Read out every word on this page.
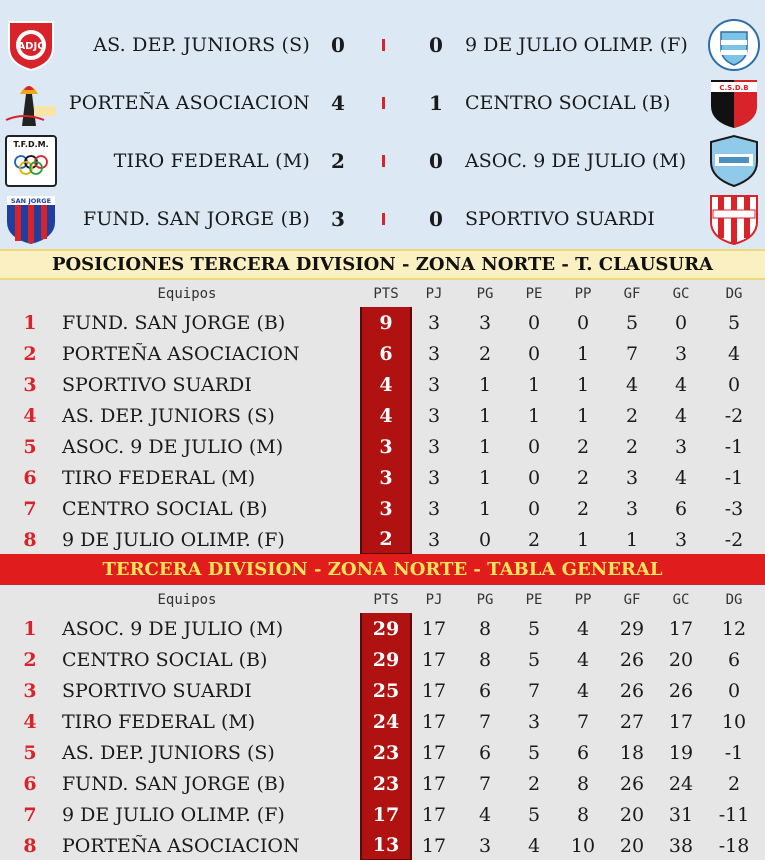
ADJC	AS. DEP. JUNIORS (S)	0	0	9 DE JULIO OLIMP. (F)
PORTEÑA ASOCIACION	4	1	CENTRO SOCIAL (B)
C.S.D.B
T.F.D.M.
TIRO FEDERAL (M)	2	0	ASOC. 9 DE JULIO (M)
SAN JORGE
FUND. SAN JORGE (B)	3	0	SPORTIVO SUARDI
POSICIONES TERCERA DIVISION - ZONA NORTE - T. CLAUSURA
Equipos	PTS	PJ	PG	PE	PP	GF	GC	DG
1	FUND. SAN JORGE (B)	9	3	3	0	0	5	0	5
2	PORTEÑA ASOCIACION	6	3	2	0	1	7	3	4
3	SPORTIVO SUARDI	4	3	1	1	1	4	4	0
4	AS. DEP. JUNIORS (S)	4	3	1	1	1	2	4	-2
5	ASOC. 9 DE JULIO (M)	3	3	1	0	2	2	3	-1
6	TIRO FEDERAL (M)	3	3	1	0	2	3	4	-1
7	CENTRO SOCIAL (B)	3	3	1	0	2	3	6	-3
8	9 DE JULIO OLIMP. (F)	2	3	0	2	1	1	3	-2
TERCERA DIVISION - ZONA NORTE - TABLA GENERAL
Equipos	PTS	PJ	PG	PE	PP	GF	GC	DG
1	ASOC. 9 DE JULIO (M)	29	17	8	5	4	29	17	12
2	CENTRO SOCIAL (B)	29	17	8	5	4	26	20	6
3	SPORTIVO SUARDI	25	17	6	7	4	26	26	0
4	TIRO FEDERAL (M)	24	17	7	3	7	27	17	10
5	AS. DEP. JUNIORS (S)	23	17	6	5	6	18	19	-1
6	FUND. SAN JORGE (B)	23	17	7	2	8	26	24	2
7	9 DE JULIO OLIMP. (F)	17	17	4	5	8	20	31	-11
8	PORTEÑA ASOCIACION	13	17	3	4	10	20	38	-18
